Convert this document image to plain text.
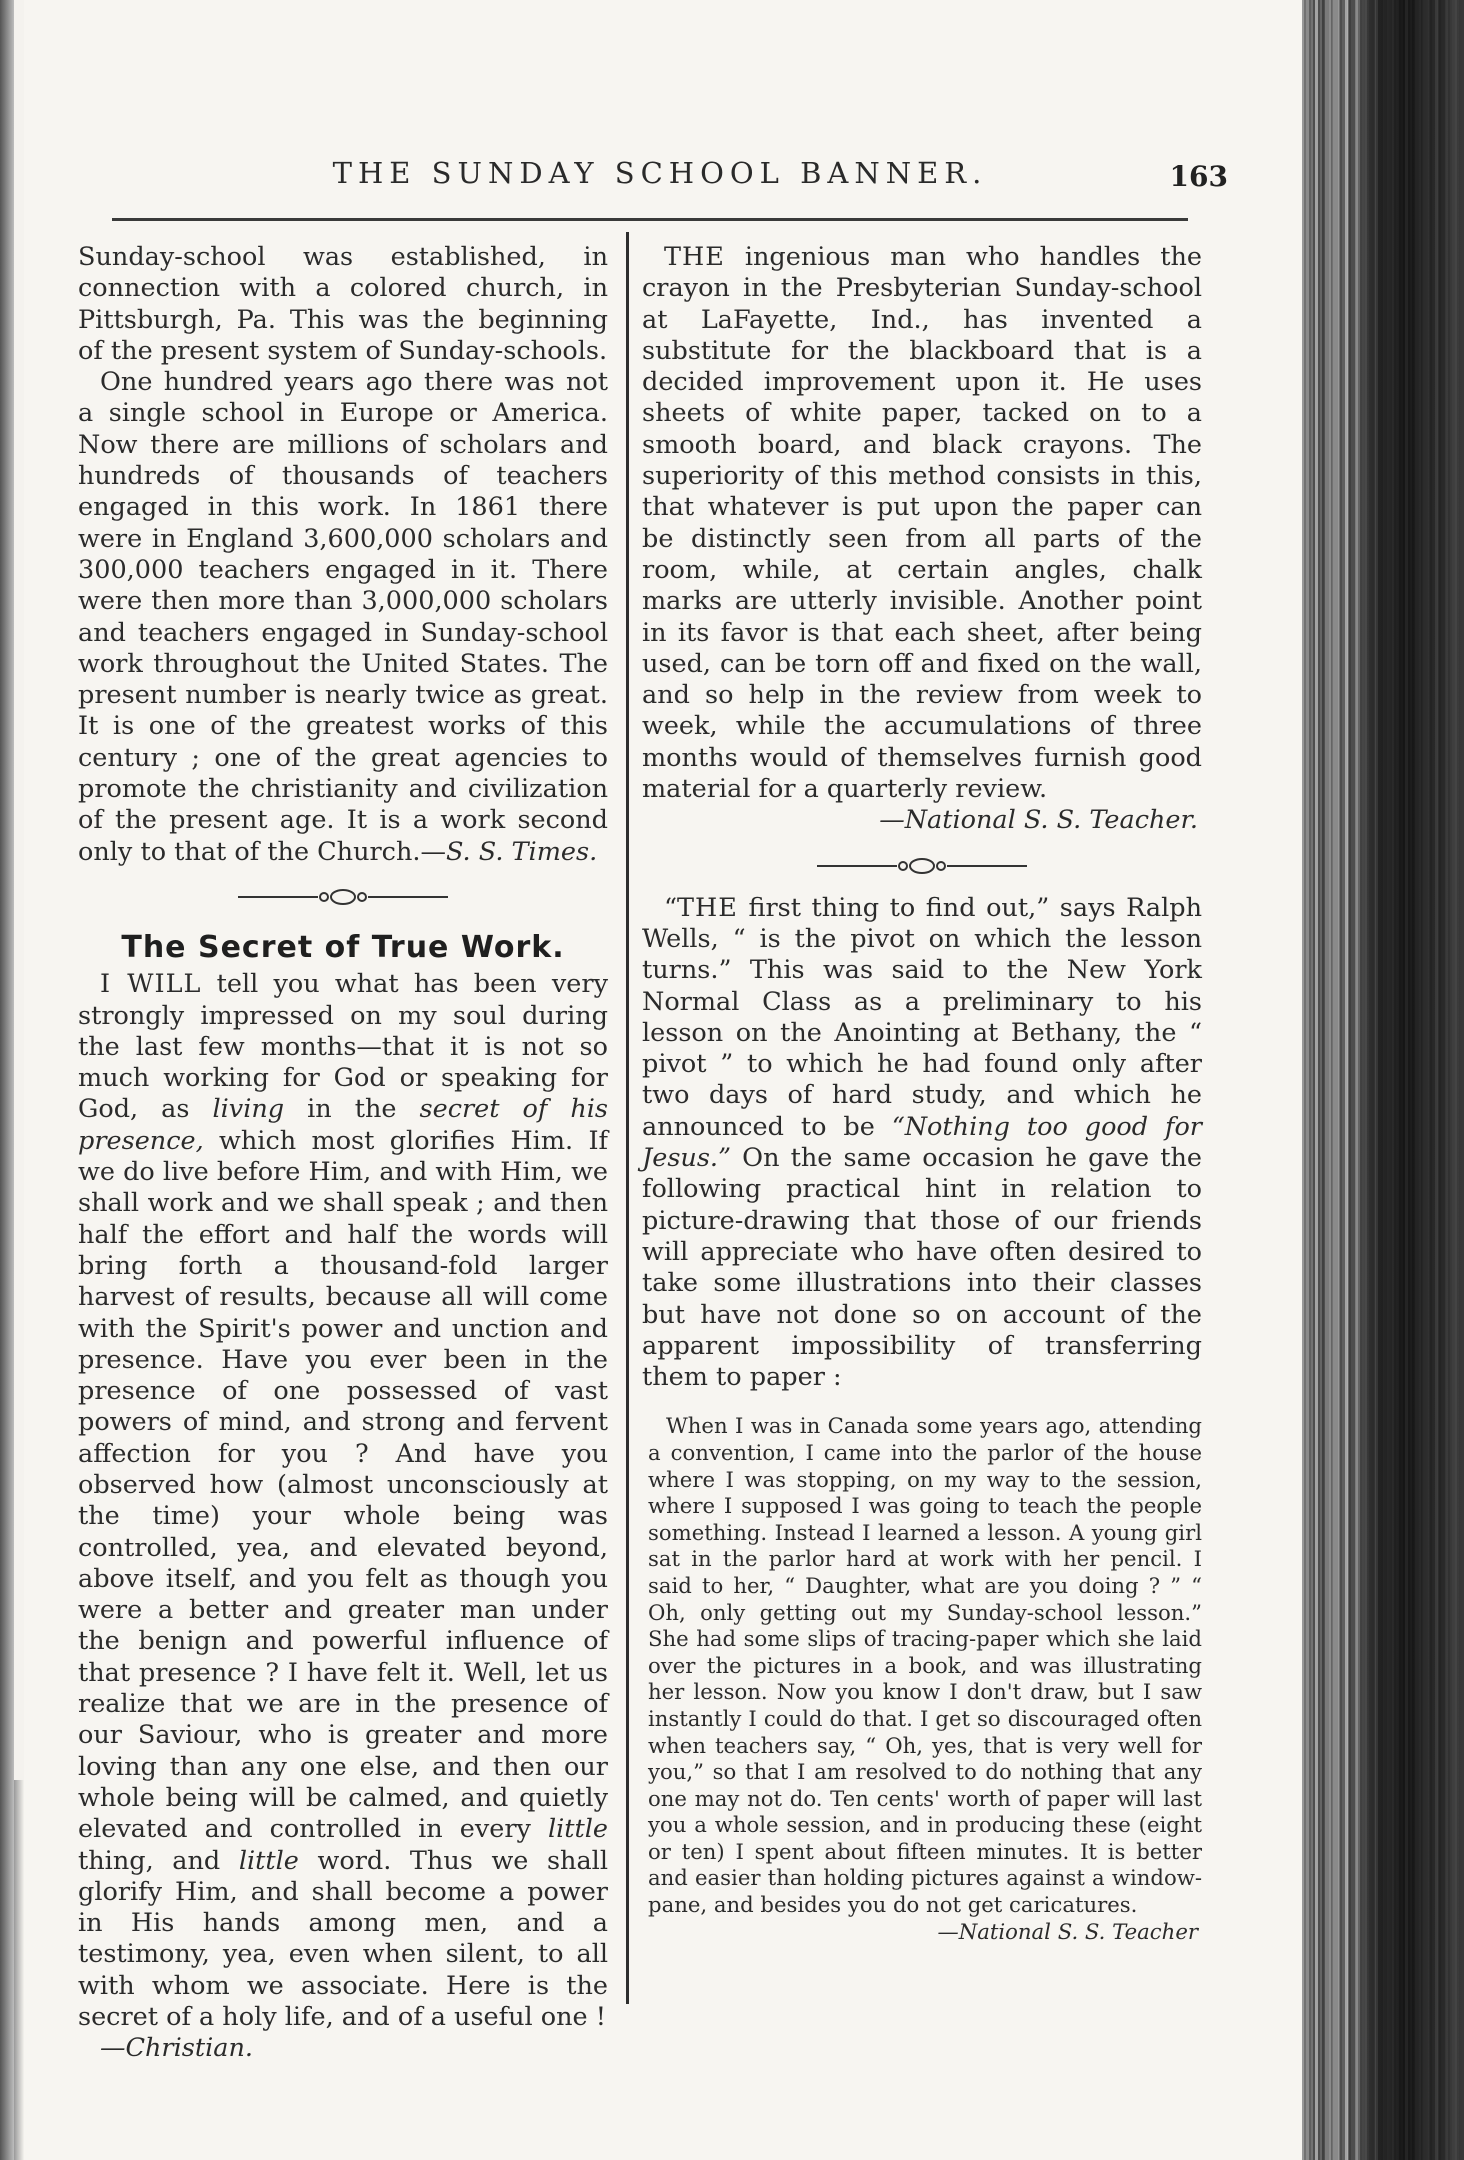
THE SUNDAY SCHOOL BANNER.	163

Sunday-school was established, in connection with a colored church, in Pittsburgh, Pa. This was the beginning of the present system of Sunday-schools.

One hundred years ago there was not a single school in Europe or America. Now there are millions of scholars and hundreds of thousands of teachers engaged in this work. In 1861 there were in England 3,600,000 scholars and 300,000 teachers engaged in it. There were then more than 3,000,000 scholars and teachers engaged in Sunday-school work throughout the United States. The present number is nearly twice as great. It is one of the greatest works of this century ; one of the great agencies to promote the christianity and civilization of the present age. It is a work second only to that of the Church.—S. S. Times.

The Secret of True Work.

I WILL tell you what has been very strongly impressed on my soul during the last few months—that it is not so much working for God or speaking for God, as living in the secret of his presence, which most glorifies Him. If we do live before Him, and with Him, we shall work and we shall speak ; and then half the effort and half the words will bring forth a thousand-fold larger harvest of results, because all will come with the Spirit's power and unction and presence. Have you ever been in the presence of one possessed of vast powers of mind, and strong and fervent affection for you ? And have you observed how (almost unconsciously at the time) your whole being was controlled, yea, and elevated beyond, above itself, and you felt as though you were a better and greater man under the benign and powerful influence of that presence ? I have felt it. Well, let us realize that we are in the presence of our Saviour, who is greater and more loving than any one else, and then our whole being will be calmed, and quietly elevated and controlled in every little thing, and little word. Thus we shall glorify Him, and shall become a power in His hands among men, and a testimony, yea, even when silent, to all with whom we associate. Here is the secret of a holy life, and of a useful one !

—Christian.

THE ingenious man who handles the crayon in the Presbyterian Sunday-school at LaFayette, Ind., has invented a substitute for the blackboard that is a decided improvement upon it. He uses sheets of white paper, tacked on to a smooth board, and black crayons. The superiority of this method consists in this, that whatever is put upon the paper can be distinctly seen from all parts of the room, while, at certain angles, chalk marks are utterly invisible. Another point in its favor is that each sheet, after being used, can be torn off and fixed on the wall, and so help in the review from week to week, while the accumulations of three months would of themselves furnish good material for a quarterly review.

—National S. S. Teacher.

“THE first thing to find out,” says Ralph Wells, “ is the pivot on which the lesson turns.” This was said to the New York Normal Class as a preliminary to his lesson on the Anointing at Bethany, the “ pivot ” to which he had found only after two days of hard study, and which he announced to be “Nothing too good for Jesus.” On the same occasion he gave the following practical hint in relation to picture-drawing that those of our friends will appreciate who have often desired to take some illustrations into their classes but have not done so on account of the apparent impossibility of transferring them to paper :

When I was in Canada some years ago, attending a convention, I came into the parlor of the house where I was stopping, on my way to the session, where I supposed I was going to teach the people something. Instead I learned a lesson. A young girl sat in the parlor hard at work with her pencil. I said to her, “ Daughter, what are you doing ? ” “ Oh, only getting out my Sunday-school lesson.” She had some slips of tracing-paper which she laid over the pictures in a book, and was illustrating her lesson. Now you know I don't draw, but I saw instantly I could do that. I get so discouraged often when teachers say, “ Oh, yes, that is very well for you,” so that I am resolved to do nothing that any one may not do. Ten cents' worth of paper will last you a whole session, and in producing these (eight or ten) I spent about fifteen minutes. It is better and easier than holding pictures against a window-pane, and besides you do not get caricatures.

—National S. S. Teacher
